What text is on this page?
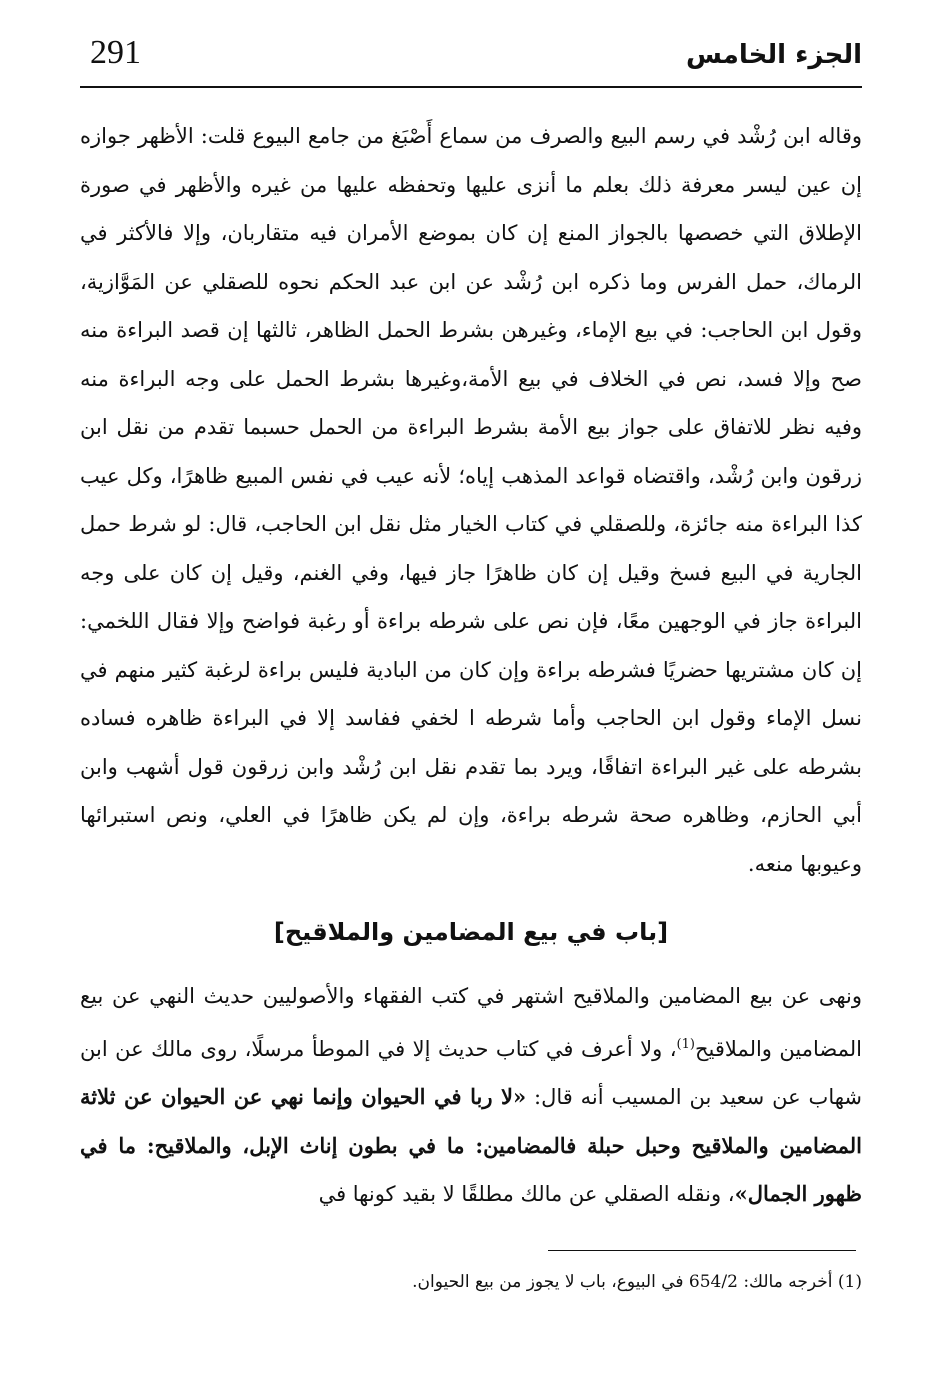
291	الجزء الخامس

وقاله ابن رُشْد في رسم البيع والصرف من سماع أَصْبَغ من جامع البيوع قلت: الأظهر جوازه إن عين ليسر معرفة ذلك بعلم ما أنزى عليها وتحفظه عليها من غيره والأظهر في صورة الإطلاق التي خصصها بالجواز المنع إن كان بموضع الأمران فيه متقاربان، وإلا فالأكثر في الرماك، حمل الفرس وما ذكره ابن رُشْد عن ابن عبد الحكم نحوه للصقلي عن المَوَّازية، وقول ابن الحاجب: في بيع الإماء، وغيرهن بشرط الحمل الظاهر، ثالثها إن قصد البراءة منه صح وإلا فسد، نص في الخلاف في بيع الأمة،وغيرها بشرط الحمل على وجه البراءة منه وفيه نظر للاتفاق على جواز بيع الأمة بشرط البراءة من الحمل حسبما تقدم من نقل ابن زرقون وابن رُشْد، واقتضاه قواعد المذهب إياه؛ لأنه عيب في نفس المبيع ظاهرًا، وكل عيب كذا البراءة منه جائزة، وللصقلي في كتاب الخيار مثل نقل ابن الحاجب، قال: لو شرط حمل الجارية في البيع فسخ وقيل إن كان ظاهرًا جاز فيها، وفي الغنم، وقيل إن كان على وجه البراءة جاز في الوجهين معًا، فإن نص على شرطه براءة أو رغبة فواضح وإلا فقال اللخمي: إن كان مشتريها حضريًا فشرطه براءة وإن كان من البادية فليس براءة لرغبة كثير منهم في نسل الإماء وقول ابن الحاجب وأما شرطه ا لخفي ففاسد إلا في البراءة ظاهره فساده بشرطه على غير البراءة اتفاقًا، ويرد بما تقدم نقل ابن رُشْد وابن زرقون قول أشهب وابن أبي الحازم، وظاهره صحة شرطه براءة، وإن لم يكن ظاهرًا في العلي، ونص استبرائها وعيوبها منعه.

[باب في بيع المضامين والملاقيح]

ونهى عن بيع المضامين والملاقيح اشتهر في كتب الفقهاء والأصوليين حديث النهي عن بيع المضامين والملاقيح$^{(1)}$، ولا أعرف في كتاب حديث إلا في الموطأ مرسلًا، روى مالك عن ابن شهاب عن سعيد بن المسيب أنه قال: «لا ربا في الحيوان وإنما نهي عن الحيوان عن ثلاثة المضامين والملاقيح وحبل حبلة فالمضامين: ما في بطون إناث الإبل، والملاقيح: ما في ظهور الجمال»، ونقله الصقلي عن مالك مطلقًا لا بقيد كونها في

(1) أخرجه مالك: 654/2 في البيوع، باب لا يجوز من بيع الحيوان.
